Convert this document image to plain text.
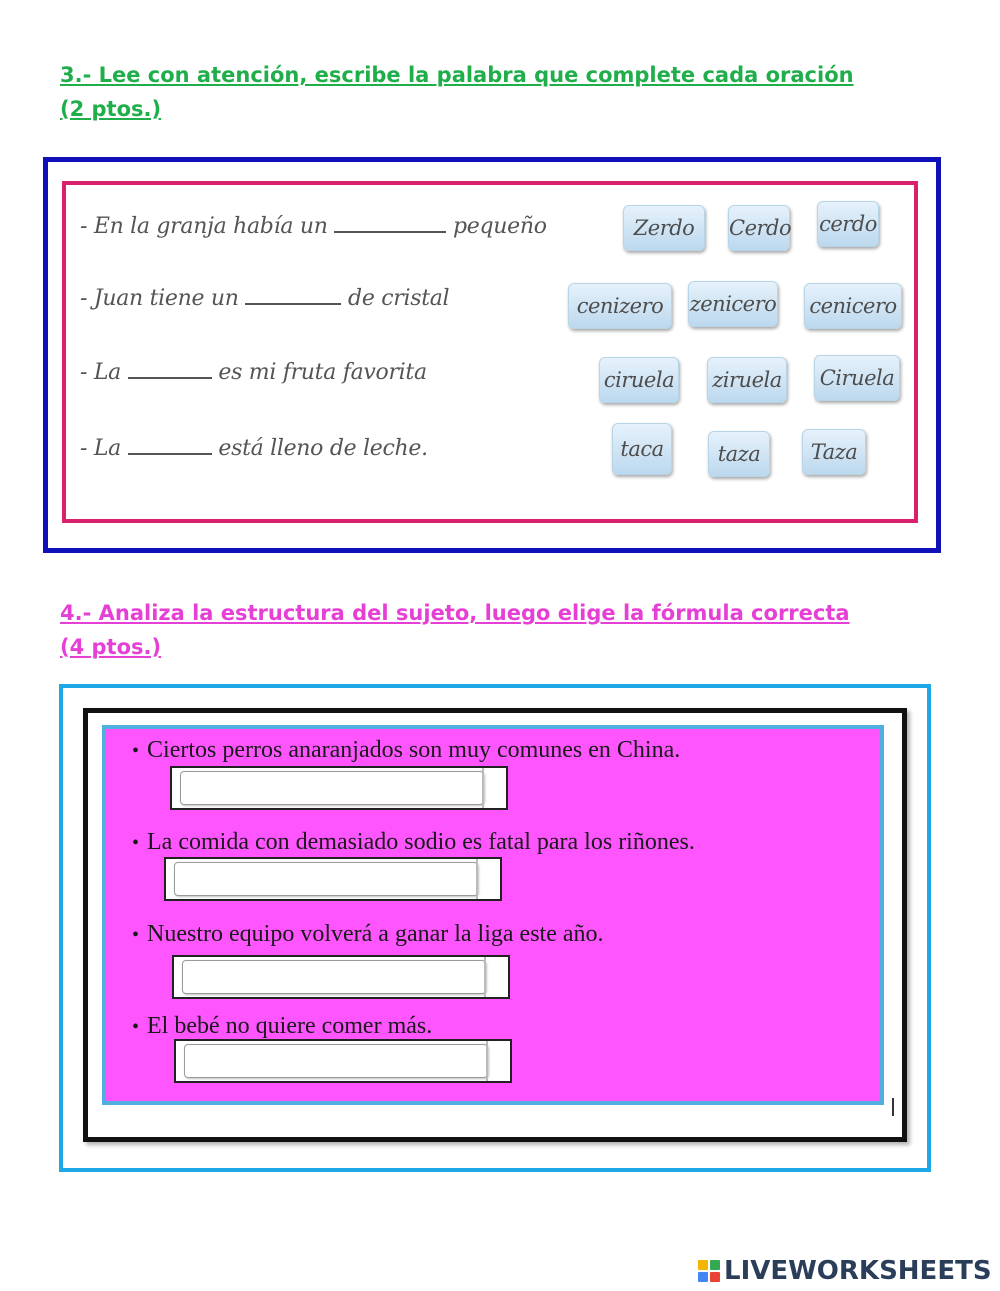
3.- Lee con atención, escribe la palabra que complete cada oración
(2 ptos.)
- En la granja había un	pequeño	Zerdo	Cerdo cerdo
- Juan tiene un	de cristal	cenizero	zenicero cenicero
- La	es mi fruta favorita	ciruela ziruela Ciruela
- La	está lleno de leche.	taca	taza	Taza
4.- Analiza la estructura del sujeto, luego elige la fórmula correcta
(4 ptos.)
• Ciertos perros anaranjados son muy comunes en China.
• La comida con demasiado sodio es fatal para los riñones.
• Nuestro equipo volverá a ganar la liga este año.
• El bebé no quiere comer más.
LIVEWORKSHEETS
